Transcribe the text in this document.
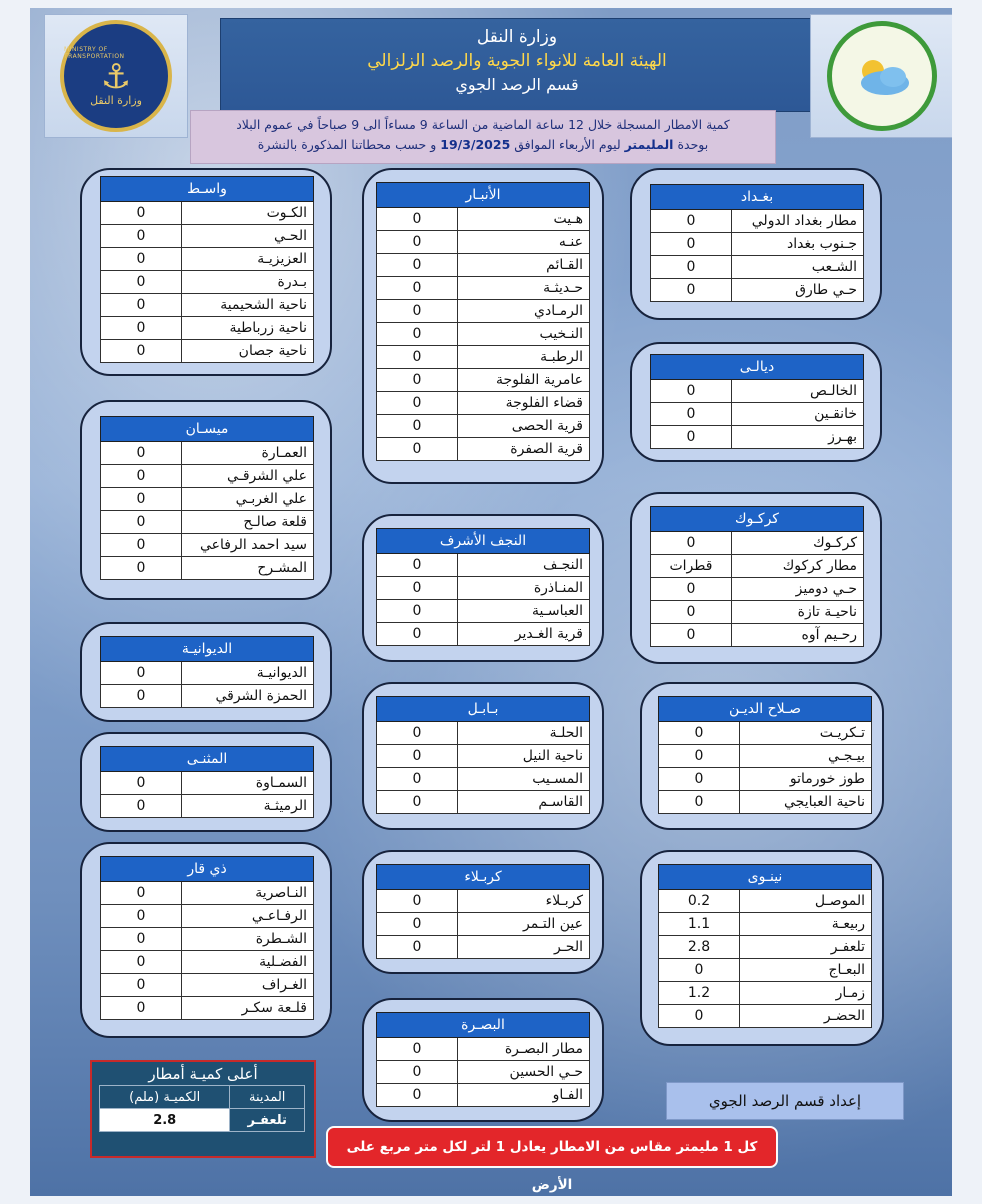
MINISTRY OF TRANSPORTATION
⚓
وزارة النقل
وزارة النقل
الهيئة العامة للانواء الجوية والرصد الزلزالي
قسم الرصد الجوي
كمية الامطار المسجلة خلال 12 ساعة الماضية من الساعة 9 مساءاً الى 9 صباحاً في عموم البلاد
بوحدة المليمتر ليوم الأربعاء الموافق 19/3/2025 و حسب محطاتنا المذكورة بالنشرة
واسـط	
الكـوت	0
الحـي	0
العزيزيـة	0
بـدرة	0
ناحية الشحيمية	0
ناحية زرباطية	0
ناحية جصان	0
الأنبـار	
هـيت	0
عنـه	0
القـائم	0
حـديثـة	0
الرمـادي	0
النـخيب	0
الرطبـة	0
عامرية الفلوجة	0
قضاء الفلوجة	0
قرية الحصى	0
قرية الصفرة	0
بغـداد	
مطار بغداد الدولي	0
جـنوب بغداد	0
الشـعب	0
حـي طارق	0
ديالـى	
الخالـص	0
خانقـين	0
بهـرز	0
ميسـان	
العمـارة	0
علي الشرقـي	0
علي الغربـي	0
قلعة صالـح	0
سيد احمد الرفاعي	0
المشـرح	0
النجف الأشرف	
النجـف	0
المنـاذرة	0
العباسـية	0
قرية الغـدير	0
كركـوك	
كركـوك	0
مطار كركوك	قطرات
حـي دوميز	0
ناحيـة تازة	0
رحـيم آوه	0
الديوانيـة	
الديوانيـة	0
الحمزة الشرقي	0
بـابـل	
الحلـة	0
ناحية النيل	0
المسـيب	0
القاسـم	0
صـلاح الديـن	
تـكريـت	0
بيـجـي	0
طوز خورماتو	0
ناحية العبايجي	0
المثنـى	
السمـاوة	0
الرميثـة	0
ذي قار	
النـاصرية	0
الرفـاعـي	0
الشـطرة	0
الفضـلية	0
الغـراف	0
قلـعة سكـر	0
كربـلاء	
كربـلاء	0
عين التـمر	0
الحـر	0
نينـوى	
الموصـل	0.2
ربيعـة	1.1
تلعفـر	2.8
البعـاج	0
زمـار	1.2
الحضـر	0
البصـرة	
مطار البصـرة	0
حـي الحسين	0
الفـاو	0
أعلى كميـة أمطار
المدينة	الكميـة (ملم)
تلعفـر	2.8
إعداد قسم الرصد الجوي
كل 1 مليمتر مقاس من الامطار يعادل 1 لتر لكل متر مربع على الأرض
